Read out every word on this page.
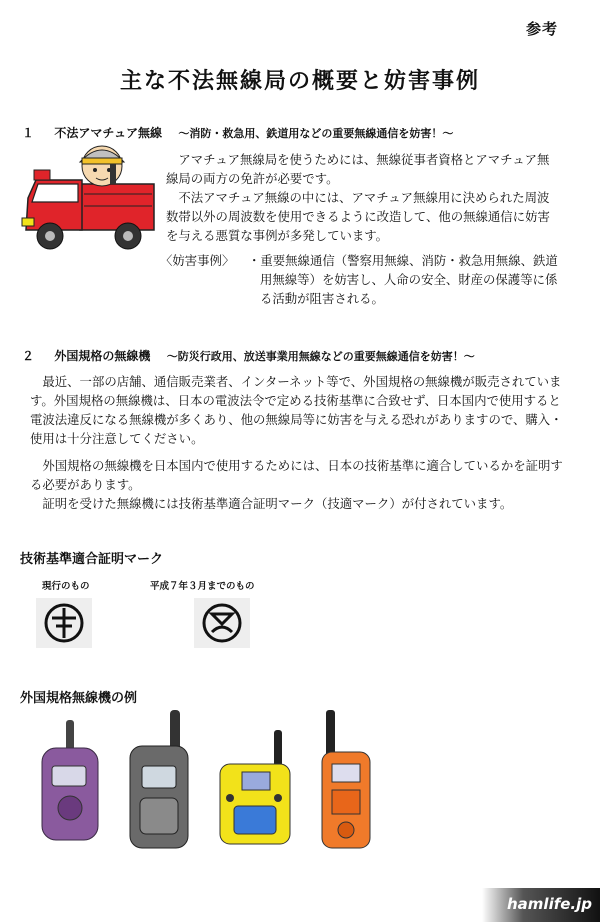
参考
主な不法無線局の概要と妨害事例
１ 不法アマチュア無線 ～消防・救急用、鉄道用などの重要無線通信を妨害！～

アマチュア無線局を使うためには、無線従事者資格とアマチュア無線局の両方の免許が必要です。

不法アマチュア無線の中には、アマチュア無線用に決められた周波数帯以外の周波数を使用できるように改造して、他の無線通信に妨害を与える悪質な事例が多発しています。

〈妨害事例〉 ・重要無線通信（警察用無線、消防・救急用無線、鉄道用無線等）を妨害し、人命の安全、財産の保護等に係る活動が阻害される。

２ 外国規格の無線機 ～防災行政用、放送事業用無線などの重要無線通信を妨害！～

最近、一部の店舗、通信販売業者、インターネット等で、外国規格の無線機が販売されています。外国規格の無線機は、日本の電波法令で定める技術基準に合致せず、日本国内で使用すると電波法違反になる無線機が多くあり、他の無線局等に妨害を与える恐れがありますので、購入・使用は十分注意してください。

外国規格の無線機を日本国内で使用するためには、日本の技術基準に適合しているかを証明する必要があります。

証明を受けた無線機には技術基準適合証明マーク（技適マーク）が付されています。

技術基準適合証明マーク
現行のもの	平成７年３月までのもの
外国規格無線機の例
hamlife.jp
